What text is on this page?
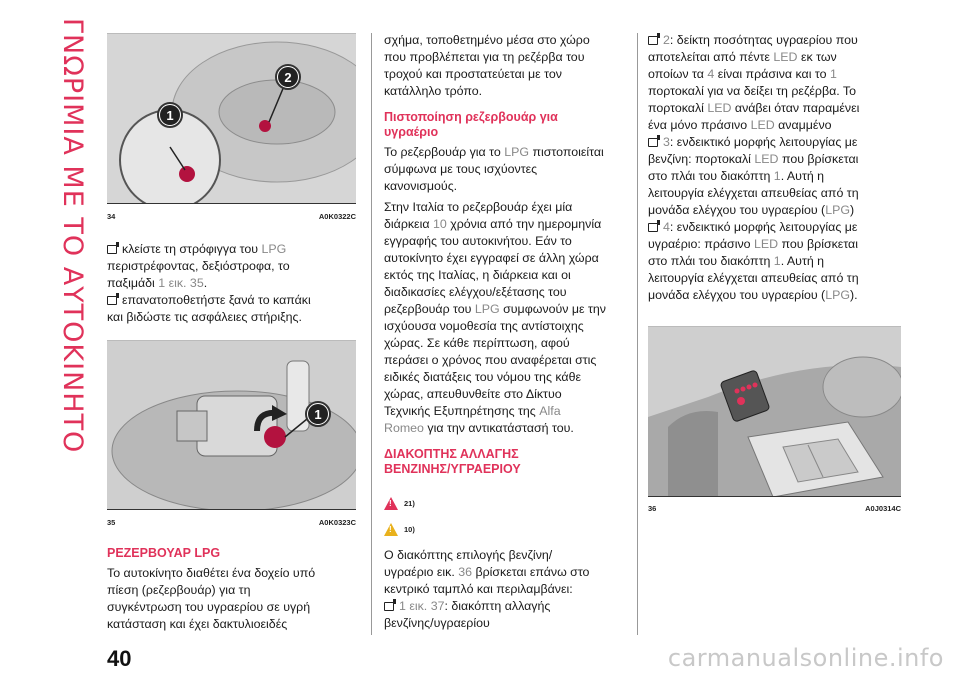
ΓΝΩΡΙΜΙΑ ΜΕ ΤΟ ΑΥΤΟΚΙΝΗΤΟ	1
2
34	A0K0322C

κλείστε τη στρόφιγγα του LPG

περιστρέφοντας, δεξιόστροφα, το

παξιμάδι 1 εικ. 35.

επανατοποθετήστε ξανά το καπάκι

και βιδώστε τις ασφάλειες στήριξης.

1
35	A0K0323C

ΡΕΖΕΡΒΟΥΑΡ LPG

Το αυτοκίνητο διαθέτει ένα δοχείο υπό

πίεση (ρεζερβουάρ) για τη

συγκέντρωση του υγραερίου σε υγρή

κατάσταση και έχει δακτυλιοειδές

σχήμα, τοποθετημένο μέσα στο χώρο

που προβλέπεται για τη ρεζέρβα του

τροχού και προστατεύεται με τον

κατάλληλο τρόπο.

Πιστοποίηση ρεζερβουάρ για

υγραέριο

Το ρεζερβουάρ για το LPG πιστοποιείται

σύμφωνα με τους ισχύοντες

κανονισμούς.

Στην Ιταλία το ρεζερβουάρ έχει μία

διάρκεια 10 χρόνια από την ημερομηνία

εγγραφής του αυτοκινήτου. Εάν το

αυτοκίνητο έχει εγγραφεί σε άλλη χώρα

εκτός της Ιταλίας, η διάρκεια και οι

διαδικασίες ελέγχου/εξέτασης του

ρεζερβουάρ του LPG συμφωνούν με την

ισχύουσα νομοθεσία της αντίστοιχης

χώρας. Σε κάθε περίπτωση, αφού

περάσει ο χρόνος που αναφέρεται στις

ειδικές διατάξεις του νόμου της κάθε

χώρας, απευθυνθείτε στο Δίκτυο

Τεχνικής Εξυπηρέτησης της Alfa

Romeo για την αντικατάστασή του.

ΔΙΑΚΟΠΤΗΣ ΑΛΛΑΓΗΣ

ΒΕΝΖΙΝΗΣ/ΥΓΡΑΕΡΙΟΥ

! 21)
! 10)

Ο διακόπτης επιλογής βενζίνη/

υγραέριο εικ. 36 βρίσκεται επάνω στο

κεντρικό ταμπλό και περιλαμβάνει:

1 εικ. 37: διακόπτη αλλαγής

βενζίνης/υγραερίου

2: δείκτη ποσότητας υγραερίου που

αποτελείται από πέντε LED εκ των

οποίων τα 4 είναι πράσινα και το 1

πορτοκαλί για να δείξει τη ρεζέρβα. Το

πορτοκαλί LED ανάβει όταν παραμένει

ένα μόνο πράσινο LED αναμμένο

3: ενδεικτικό μορφής λειτουργίας με

βενζίνη: πορτοκαλί LED που βρίσκεται

στο πλάι του διακόπτη 1. Αυτή η

λειτουργία ελέγχεται απευθείας από τη

μονάδα ελέγχου του υγραερίου (LPG)

4: ενδεικτικό μορφής λειτουργίας με

υγραέριο: πράσινο LED που βρίσκεται

στο πλάι του διακόπτη 1. Αυτή η

λειτουργία ελέγχεται απευθείας από τη

μονάδα ελέγχου του υγραερίου (LPG).

36	A0J0314C
40	carmanualsonline.info
